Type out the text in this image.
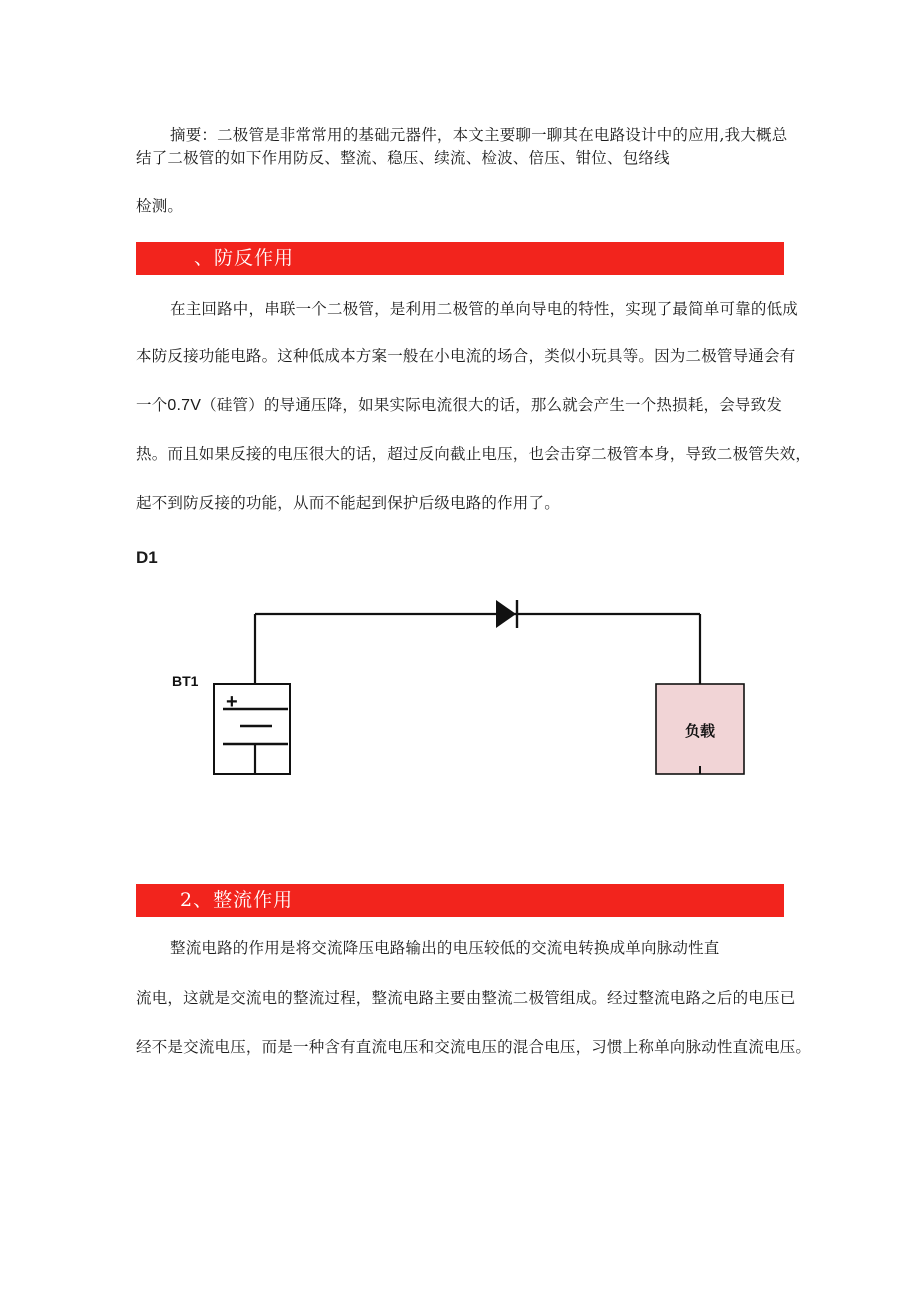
摘要：二极管是非常常用的基础元器件，本文主要聊一聊其在电路设计中的应用,我大概总
结了二极管的如下作用防反、整流、稳压、续流、检波、倍压、钳位、包络线
检测。
、防反作用
在主回路中，串联一个二极管，是利用二极管的单向导电的特性，实现了最简单可靠的低成
本防反接功能电路。这种低成本方案一般在小电流的场合，类似小玩具等。因为二极管导通会有
一个0.7V（硅管）的导通压降，如果实际电流很大的话，那么就会产生一个热损耗，会导致发
热。而且如果反接的电压很大的话，超过反向截止电压，也会击穿二极管本身，导致二极管失效，
起不到防反接的功能，从而不能起到保护后级电路的作用了。
D1
BT1
+
负载
2、整流作用
整流电路的作用是将交流降压电路输出的电压较低的交流电转换成单向脉动性直
流电，这就是交流电的整流过程，整流电路主要由整流二极管组成。经过整流电路之后的电压已
经不是交流电压，而是一种含有直流电压和交流电压的混合电压，习惯上称单向脉动性直流电压。
